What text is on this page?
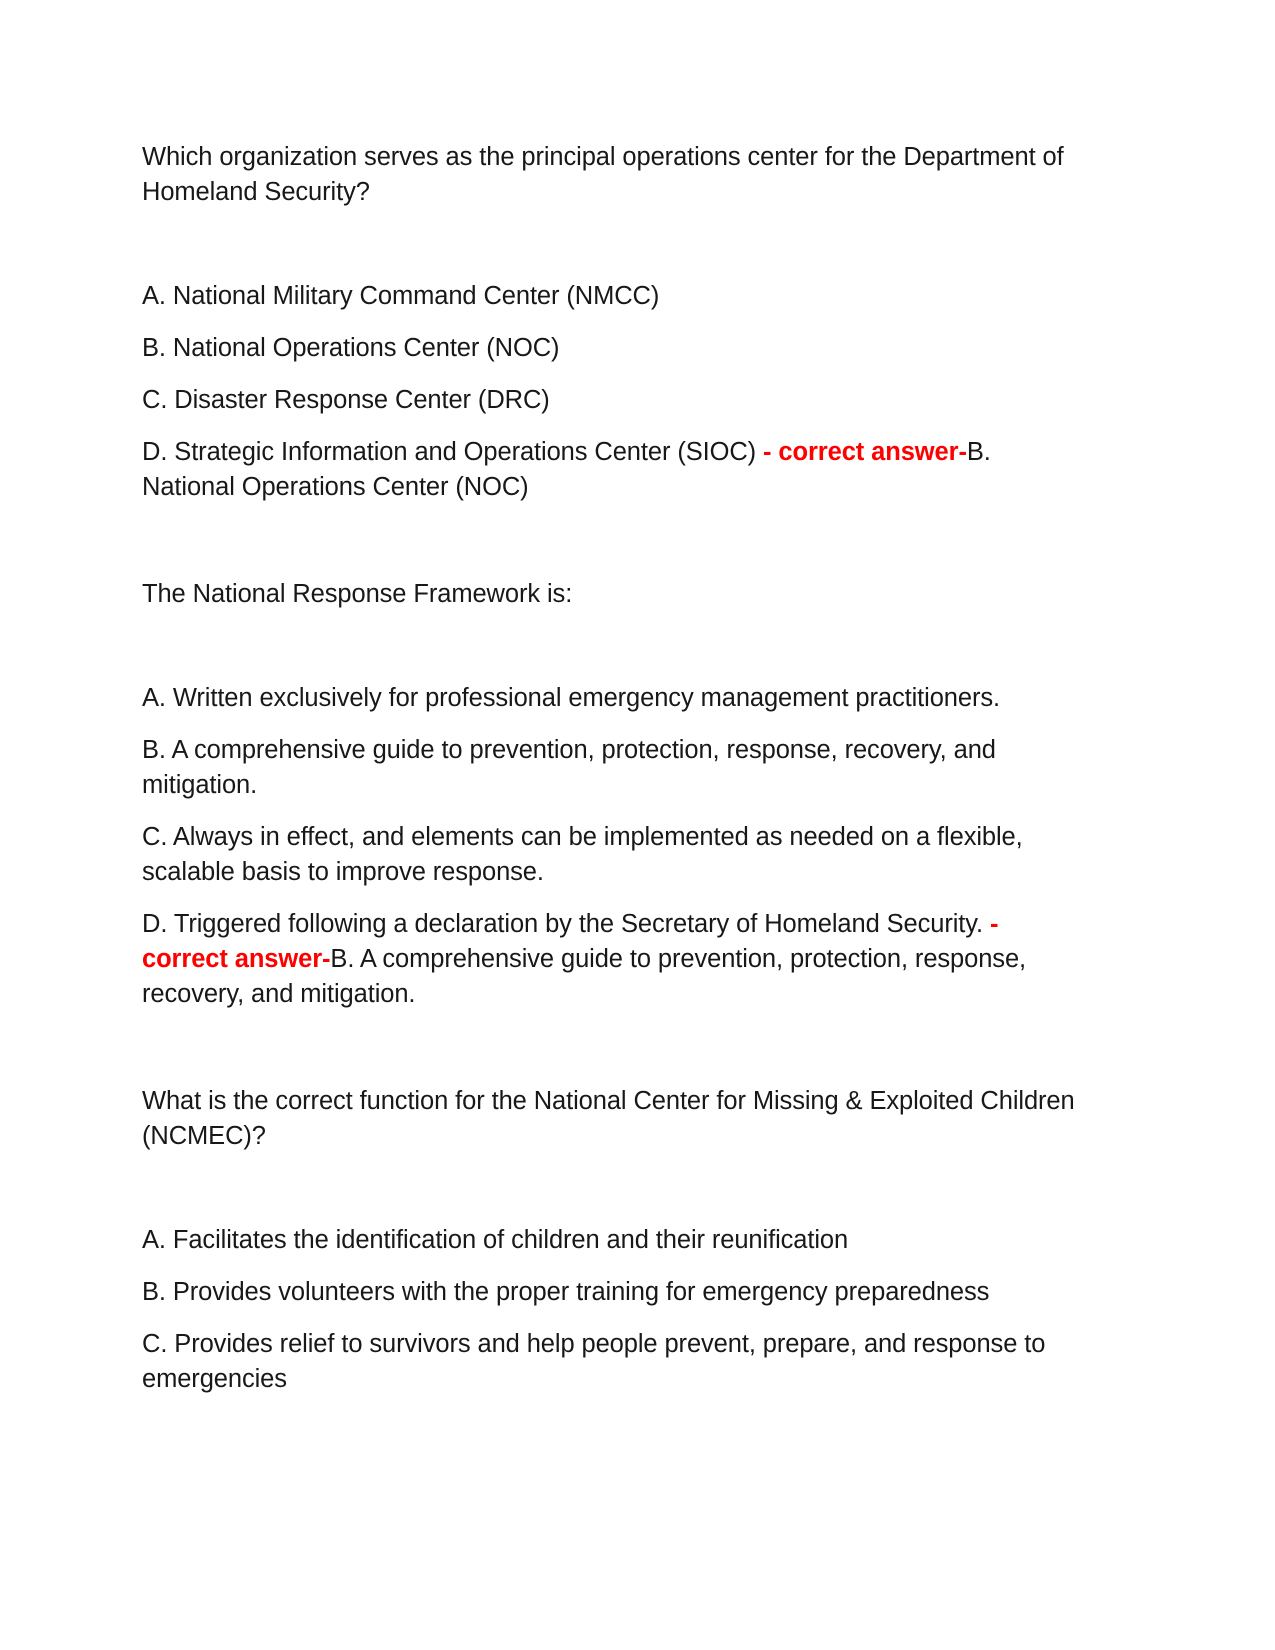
Which organization serves as the principal operations center for the Department of Homeland Security?

A. National Military Command Center (NMCC)

B. National Operations Center (NOC)

C. Disaster Response Center (DRC)

D. Strategic Information and Operations Center (SIOC) - correct answer-B. National Operations Center (NOC)

The National Response Framework is:

A. Written exclusively for professional emergency management practitioners.

B. A comprehensive guide to prevention, protection, response, recovery, and mitigation.

C. Always in effect, and elements can be implemented as needed on a flexible, scalable basis to improve response.

D. Triggered following a declaration by the Secretary of Homeland Security. - correct answer-B. A comprehensive guide to prevention, protection, response, recovery, and mitigation.

What is the correct function for the National Center for Missing & Exploited Children (NCMEC)?

A. Facilitates the identification of children and their reunification

B. Provides volunteers with the proper training for emergency preparedness

C. Provides relief to survivors and help people prevent, prepare, and response to emergencies
